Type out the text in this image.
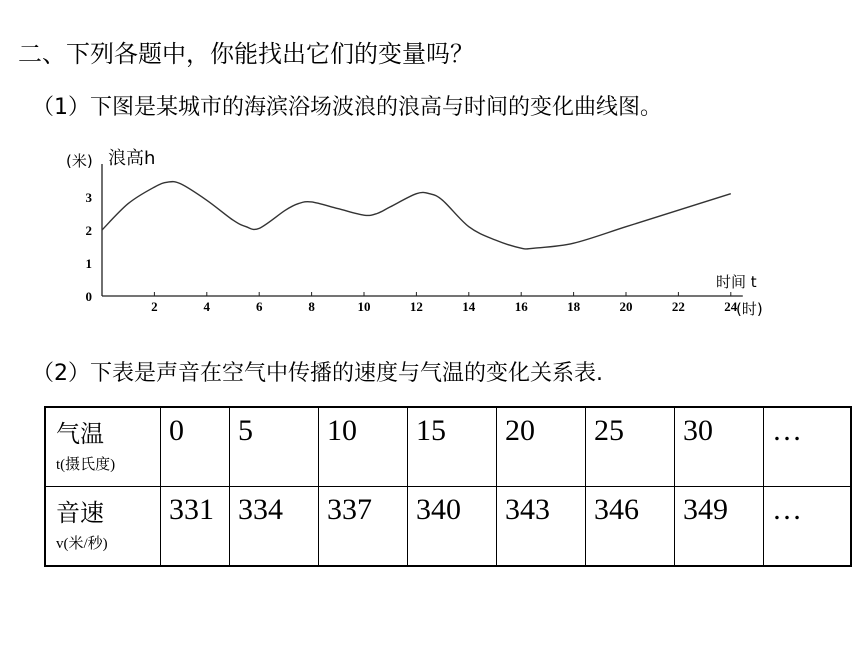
二、下列各题中，你能找出它们的变量吗？
（1）下图是某城市的海滨浴场波浪的浪高与时间的变化曲线图。
2	4	6	8	10	12	14	16	18	20	22	24
0
1
2
3
(米) 浪高h
时间 t
(时)
（2）下表是声音在空气中传播的速度与气温的变化关系表.
气温
t(摄氏度)	0	5	10	15	20	25	30	…

音速
v(米/秒)	331	334	337	340	343	346	349	…
